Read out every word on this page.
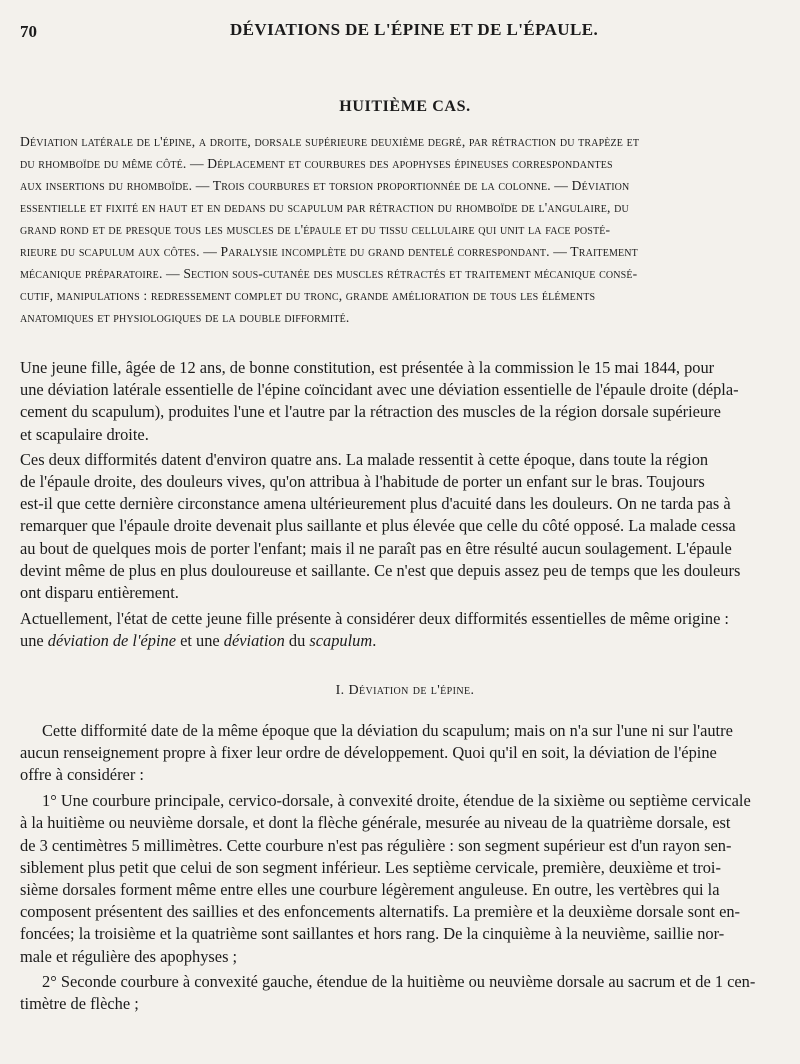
70	DÉVIATIONS DE L'ÉPINE ET DE L'ÉPAULE.
HUITIÈME CAS.
Déviation latérale de l'épine, a droite, dorsale supérieure deuxième degré, par rétraction du trapèze et
du rhomboïde du même côté. — Déplacement et courbures des apophyses épineuses correspondantes
aux insertions du rhomboïde. — Trois courbures et torsion proportionnée de la colonne. — Déviation
essentielle et fixité en haut et en dedans du scapulum par rétraction du rhomboïde de l'angulaire, du
grand rond et de presque tous les muscles de l'épaule et du tissu cellulaire qui unit la face posté-
rieure du scapulum aux côtes. — Paralysie incomplète du grand dentelé correspondant. — Traitement
mécanique préparatoire. — Section sous-cutanée des muscles rétractés et traitement mécanique consé-
cutif, manipulations : redressement complet du tronc, grande amélioration de tous les éléments
anatomiques et physiologiques de la double difformité.
Une jeune fille, âgée de 12 ans, de bonne constitution, est présentée à la commission le 15 mai 1844, pour
une déviation latérale essentielle de l'épine coïncidant avec une déviation essentielle de l'épaule droite (dépla-
cement du scapulum), produites l'une et l'autre par la rétraction des muscles de la région dorsale supérieure
et scapulaire droite.
Ces deux difformités datent d'environ quatre ans. La malade ressentit à cette époque, dans toute la région
de l'épaule droite, des douleurs vives, qu'on attribua à l'habitude de porter un enfant sur le bras. Toujours
est-il que cette dernière circonstance amena ultérieurement plus d'acuité dans les douleurs. On ne tarda pas à
remarquer que l'épaule droite devenait plus saillante et plus élevée que celle du côté opposé. La malade cessa
au bout de quelques mois de porter l'enfant; mais il ne paraît pas en être résulté aucun soulagement. L'épaule
devint même de plus en plus douloureuse et saillante. Ce n'est que depuis assez peu de temps que les douleurs
ont disparu entièrement.
Actuellement, l'état de cette jeune fille présente à considérer deux difformités essentielles de même origine :
une déviation de l'épine et une déviation du scapulum.
I. Déviation de l'épine.
Cette difformité date de la même époque que la déviation du scapulum; mais on n'a sur l'une ni sur l'autre
aucun renseignement propre à fixer leur ordre de développement. Quoi qu'il en soit, la déviation de l'épine
offre à considérer :
1° Une courbure principale, cervico-dorsale, à convexité droite, étendue de la sixième ou septième cervicale
à la huitième ou neuvième dorsale, et dont la flèche générale, mesurée au niveau de la quatrième dorsale, est
de 3 centimètres 5 millimètres. Cette courbure n'est pas régulière : son segment supérieur est d'un rayon sen-
siblement plus petit que celui de son segment inférieur. Les septième cervicale, première, deuxième et troi-
sième dorsales forment même entre elles une courbure légèrement anguleuse. En outre, les vertèbres qui la
composent présentent des saillies et des enfoncements alternatifs. La première et la deuxième dorsale sont en-
foncées; la troisième et la quatrième sont saillantes et hors rang. De la cinquième à la neuvième, saillie nor-
male et régulière des apophyses ;
2° Seconde courbure à convexité gauche, étendue de la huitième ou neuvième dorsale au sacrum et de 1 cen-
timètre de flèche ;
